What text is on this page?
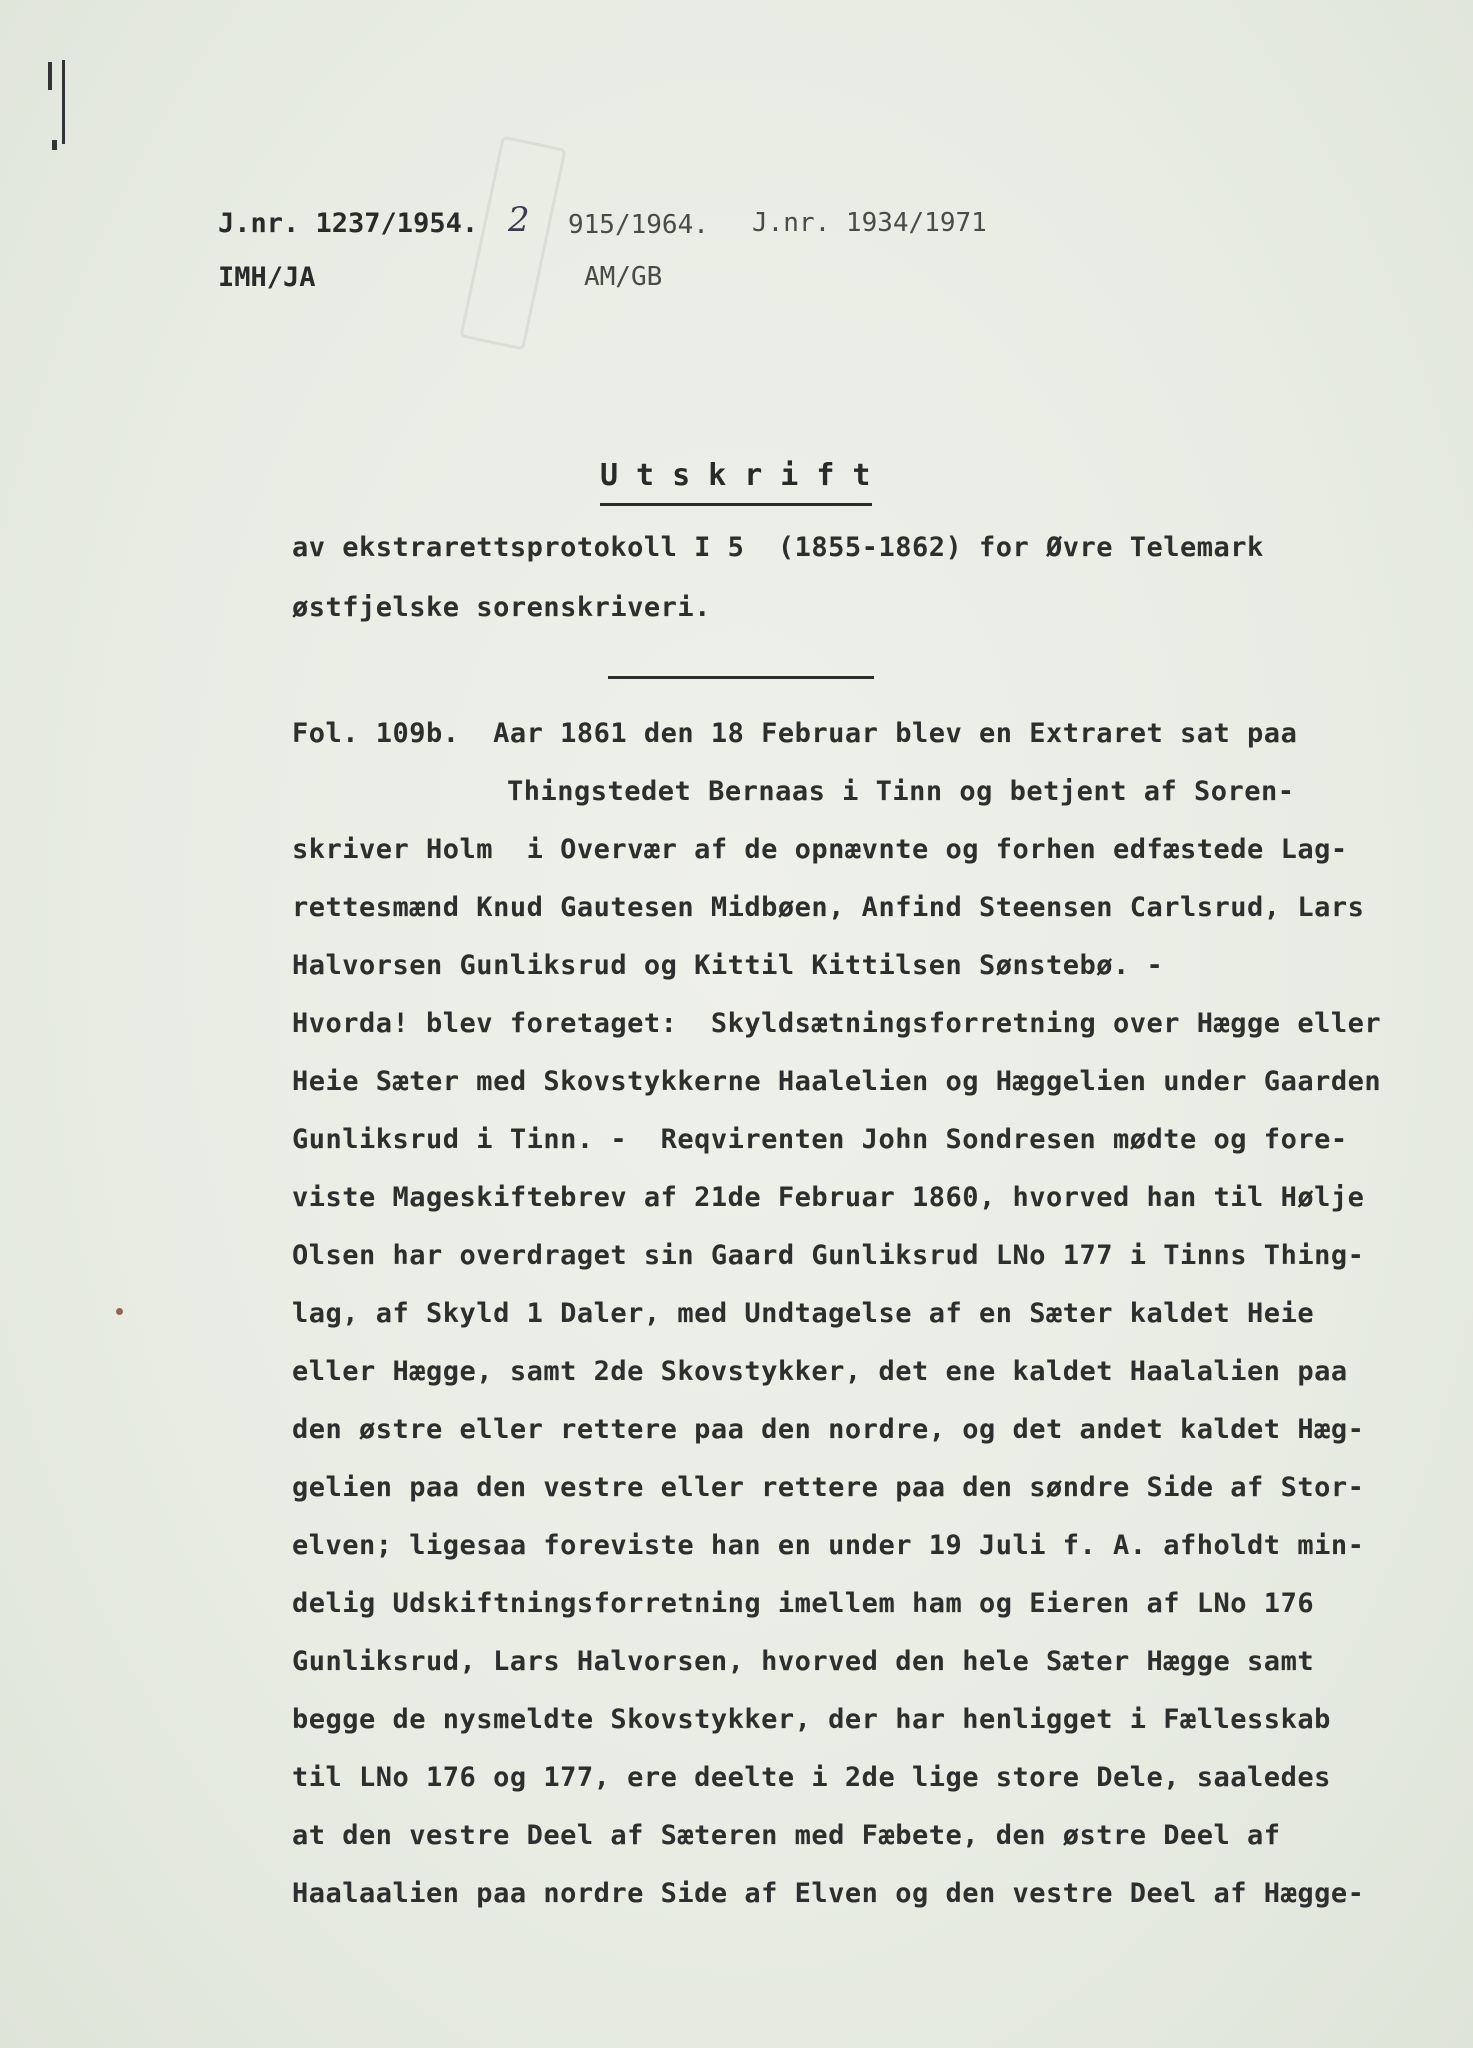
J.nr. 1237/1954. 2 915/1964. J.nr. 1934/1971
IMH/JA	AM/GB
Utskrift
av ekstrarettsprotokoll I 5  (1855-1862) for Øvre Telemark
østfjelske sorenskriveri.
Fol. 109b.  Aar 1861 den 18 Februar blev en Extraret sat paa
Thingstedet Bernaas i Tinn og betjent af Soren-
skriver Holm  i Overvær af de opnævnte og forhen edfæstede Lag-
rettesmænd Knud Gautesen Midbøen, Anfind Steensen Carlsrud, Lars
Halvorsen Gunliksrud og Kittil Kittilsen Sønstebø. -
Hvorda! blev foretaget:  Skyldsætningsforretning over Hægge eller
Heie Sæter med Skovstykkerne Haalelien og Hæggelien under Gaarden
Gunliksrud i Tinn. -  Reqvirenten John Sondresen mødte og fore-
viste Mageskiftebrev af 21de Februar 1860, hvorved han til Hølje
Olsen har overdraget sin Gaard Gunliksrud LNo 177 i Tinns Thing-
lag, af Skyld 1 Daler, med Undtagelse af en Sæter kaldet Heie
eller Hægge, samt 2de Skovstykker, det ene kaldet Haalalien paa
den østre eller rettere paa den nordre, og det andet kaldet Hæg-
gelien paa den vestre eller rettere paa den søndre Side af Stor-
elven; ligesaa foreviste han en under 19 Juli f. A. afholdt min-
delig Udskiftningsforretning imellem ham og Eieren af LNo 176
Gunliksrud, Lars Halvorsen, hvorved den hele Sæter Hægge samt
begge de nysmeldte Skovstykker, der har henligget i Fællesskab
til LNo 176 og 177, ere deelte i 2de lige store Dele, saaledes
at den vestre Deel af Sæteren med Fæbete, den østre Deel af
Haalaalien paa nordre Side af Elven og den vestre Deel af Hægge-
